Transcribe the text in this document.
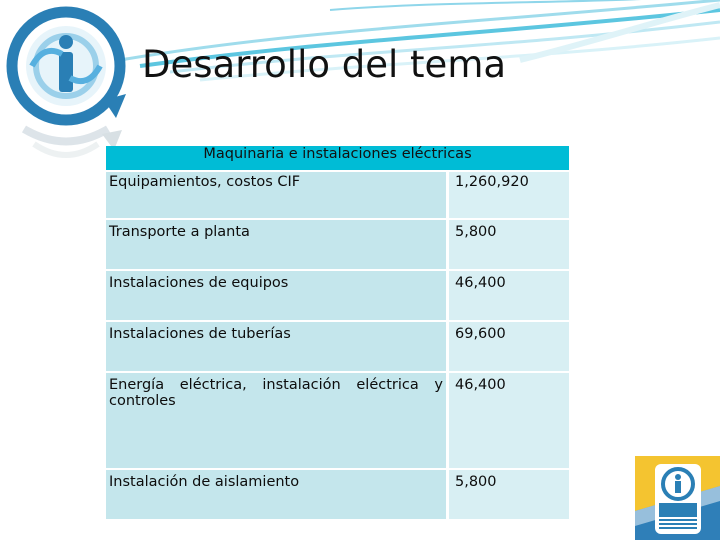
Desarrollo del tema
Maquinaria e instalaciones eléctricas	
Equipamientos, costos CIF	1,260,920
Transporte a planta	5,800
Instalaciones de equipos	46,400
Instalaciones de tuberías	69,600
Energía eléctrica, instalación eléctrica y controles	46,400
Instalación de aislamiento	5,800
